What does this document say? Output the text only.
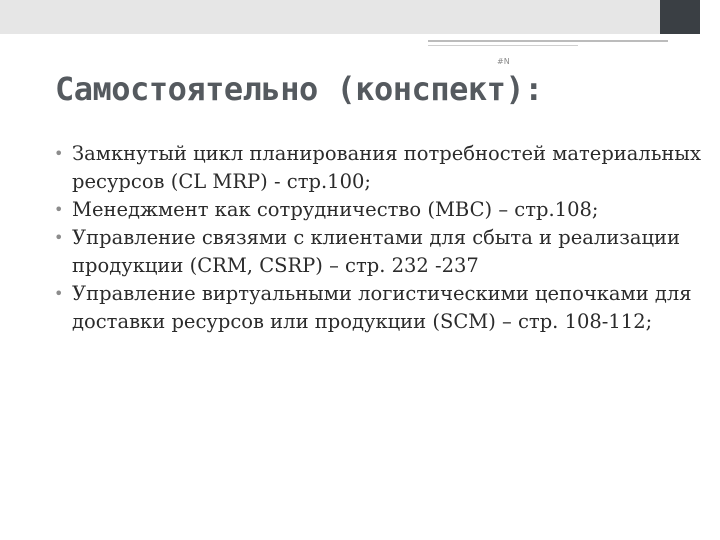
#N
Самостоятельно (конспект):
• Замкнутый цикл планирования потребностей материальных ресурсов (CL MRP) - стр.100;
• Менеджмент как сотрудничество (MBC) – стр.108;
• Управление связями с клиентами для сбыта и реализации продукции (CRM, CSRP) – стр. 232 -237
• Управление виртуальными логистическими цепочками для доставки ресурсов или продукции (SCM) – стр. 108-112;
